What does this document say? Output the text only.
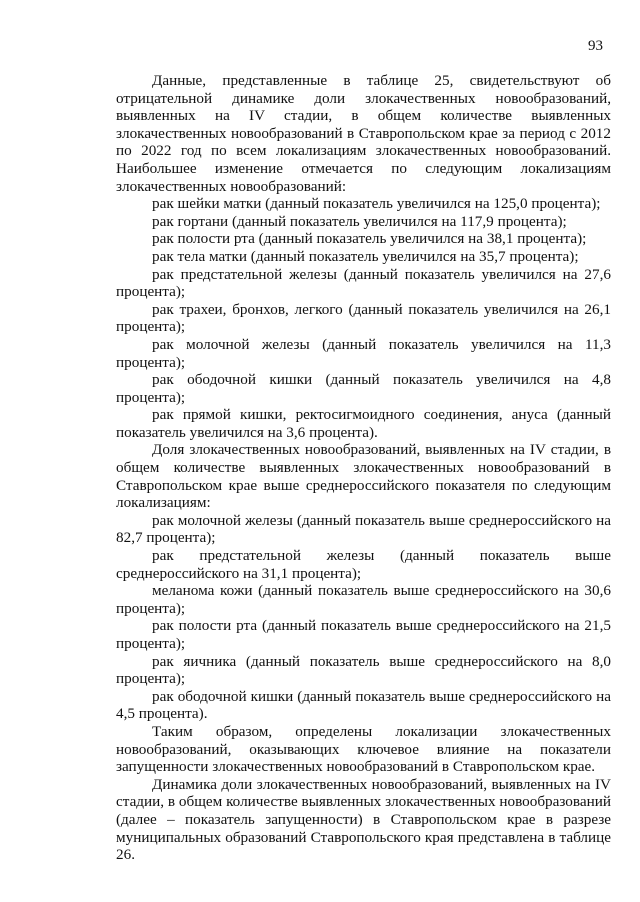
93

Данные, представленные в таблице 25, свидетельствуют об отрицательной динамике доли злокачественных новообразований, выявленных на IV стадии, в общем количестве выявленных злокачественных новообразований в Ставропольском крае за период с 2012 по 2022 год по всем локализациям злокачественных новообразований. Наибольшее изменение отмечается по следующим локализациям злокачественных новообразований:

рак шейки матки (данный показатель увеличился на 125,0 процента);

рак гортани (данный показатель увеличился на 117,9 процента);

рак полости рта (данный показатель увеличился на 38,1 процента);

рак тела матки (данный показатель увеличился на 35,7 процента);

рак предстательной железы (данный показатель увеличился на 27,6 процента);

рак трахеи, бронхов, легкого (данный показатель увеличился на 26,1 процента);

рак молочной железы (данный показатель увеличился на 11,3 процента);

рак ободочной кишки (данный показатель увеличился на 4,8 процента);

рак прямой кишки, ректосигмоидного соединения, ануса (данный показатель увеличился на 3,6 процента).

Доля злокачественных новообразований, выявленных на IV стадии, в общем количестве выявленных злокачественных новообразований в Ставропольском крае выше среднероссийского показателя по следующим локализациям:

рак молочной железы (данный показатель выше среднероссийского на 82,7 процента);

рак предстательной железы (данный показатель выше среднероссийского на 31,1 процента);

меланома кожи (данный показатель выше среднероссийского на 30,6 процента);

рак полости рта (данный показатель выше среднероссийского на 21,5 процента);

рак яичника (данный показатель выше среднероссийского на 8,0 процента);

рак ободочной кишки (данный показатель выше среднероссийского на 4,5 процента).

Таким образом, определены локализации злокачественных новообразований, оказывающих ключевое влияние на показатели запущенности злокачественных новообразований в Ставропольском крае.

Динамика доли злокачественных новообразований, выявленных на IV стадии, в общем количестве выявленных злокачественных новообразований (далее – показатель запущенности) в Ставропольском крае в разрезе муниципальных образований Ставропольского края представлена в таблице 26.
